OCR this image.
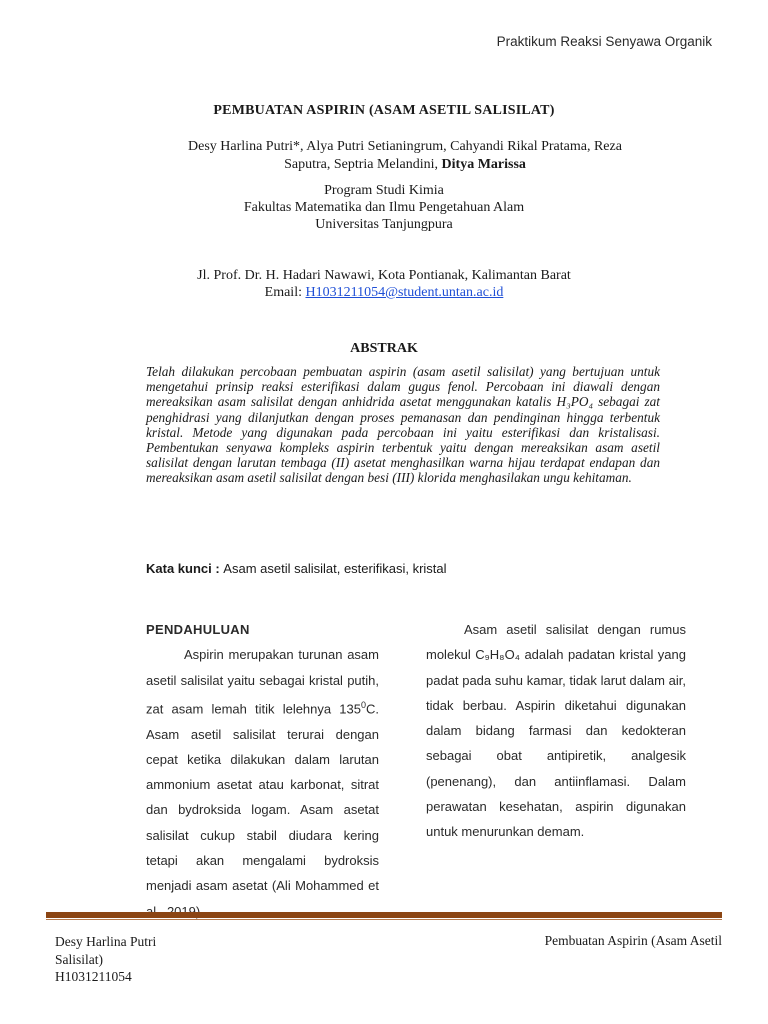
Praktikum Reaksi Senyawa Organik
PEMBUATAN ASPIRIN (ASAM ASETIL SALISILAT)
Desy Harlina Putri*, Alya Putri Setianingrum, Cahyandi Rikal Pratama, Reza
Saputra, Septria Melandini, Ditya Marissa
Program Studi Kimia
Fakultas Matematika dan Ilmu Pengetahuan Alam
Universitas Tanjungpura
Jl. Prof. Dr. H. Hadari Nawawi, Kota Pontianak, Kalimantan Barat
Email: H1031211054@student.untan.ac.id
ABSTRAK
Telah dilakukan percobaan pembuatan aspirin (asam asetil salisilat) yang bertujuan untuk mengetahui prinsip reaksi esterifikasi dalam gugus fenol. Percobaan ini diawali dengan mereaksikan asam salisilat dengan anhidrida asetat menggunakan katalis H₃PO₄ sebagai zat penghidrasi yang dilanjutkan dengan proses pemanasan dan pendinginan hingga terbentuk kristal. Metode yang digunakan pada percobaan ini yaitu esterifikasi dan kristalisasi. Pembentukan senyawa kompleks aspirin terbentuk yaitu dengan mereaksikan asam asetil salisilat dengan larutan tembaga (II) asetat menghasilkan warna hijau terdapat endapan dan mereaksikan asam asetil salisilat dengan besi (III) klorida menghasilakan ungu kehitaman.
Kata kunci : Asam asetil salisilat, esterifikasi, kristal
PENDAHULUAN

Aspirin merupakan turunan asam asetil salisilat yaitu sebagai kristal putih, zat asam lemah titik lelehnya $135^0C$. Asam asetil salisilat terurai dengan cepat ketika dilakukan dalam larutan ammonium asetat atau karbonat, sitrat dan bydroksida logam. Asam asetat salisilat cukup stabil diudara kering tetapi akan mengalami bydroksis menjadi asam asetat (Ali Mohammed et

Asam asetil salisilat dengan rumus molekul C₉H₈O₄ adalah padatan kristal yang padat pada suhu kamar, tidak larut dalam air, tidak berbau. Aspirin diketahui digunakan dalam bidang farmasi dan kedokteran sebagai obat antipiretik, analgesik (penenang), dan antiinflamasi. Dalam perawatan kesehatan, aspirin digunakan untuk menurunkan demam.

Desy Harlina Putri
Salisilat)
H1031211054
Pembuatan Aspirin (Asam Asetil
